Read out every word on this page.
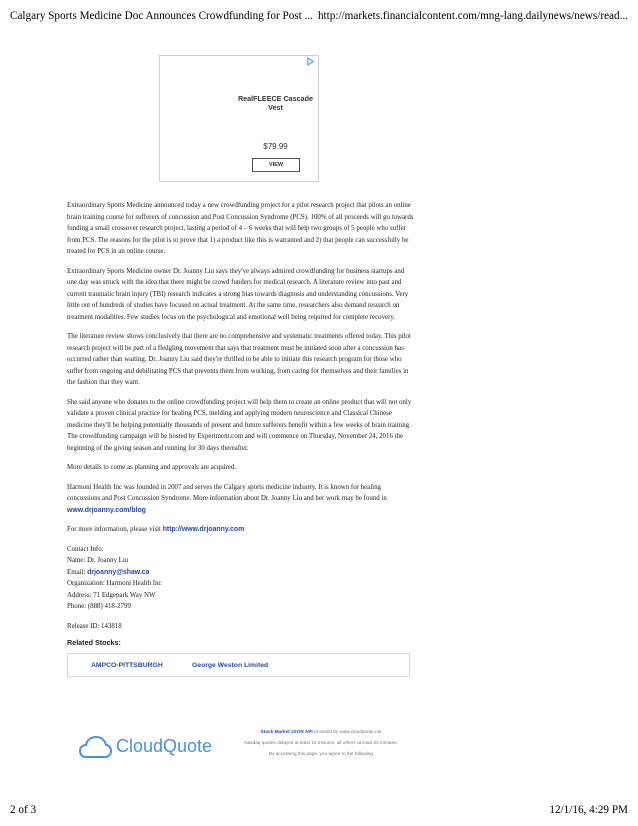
Calgary Sports Medicine Doc Announces Crowdfunding for Post ... http://markets.financialcontent.com/mng-lang.dailynews/news/read...
RealFLEECE Cascade Vest
$79.99
VIEW

Extraordinary Sports Medicine announced today a new crowdfunding project for a pilot research project that pilots an online brain training course for sufferers of concussion and Post Concussion Syndrome (PCS). 100% of all proceeds will go towards funding a small crossover research project, lasting a period of 4 – 6 weeks that will help two groups of 5 people who suffer from PCS. The reasons for the pilot is to prove that 1) a product like this is warranted and 2) that people can successfully be treated for PCS in an online course.

Extraordinary Sports Medicine owner Dr. Joanny Liu says they've always admired crowdfunding for business startups and one day was struck with the idea that there might be crowd funders for medical research. A literature review into past and current traumatic brain injury (TBI) research indicates a strong bias towards diagnosis and understanding concussions. Very little out of hundreds of studies have focused on actual treatment. At the same time, researchers also demand research on treatment modalities. Few studies focus on the psychological and emotional well being required for complete recovery.

The literature review shows conclusively that there are no comprehensive and systematic treatments offered today. This pilot research project will be part of a fledgling movement that says that treatment must be initiated soon after a concussion has occurred rather than waiting. Dr. Joanny Liu said they're thrilled to be able to initiate this research program for those who suffer from ongoing and debilitating PCS that prevents them from working, from caring for themselves and their families in the fashion that they want.

She said anyone who donates to the online crowdfunding project will help them to create an online product that will not only validate a proven clinical practice for healing PCS, melding and applying modern neuroscience and Classical Chinese medicine they'll be helping potentially thousands of present and future sufferers benefit within a few weeks of brain training. The crowdfunding campaign will be hosted by Experiment.com and will commence on Thursday, November 24, 2016 the beginning of the giving season and running for 30 days thereafter.

More details to come as planning and approvals are acquired.

Harmoni Health Inc was founded in 2007 and serves the Calgary sports medicine industry. It is known for healing concussions and Post Concussion Syndrome. More information about Dr. Joanny Liu and her work may be found in www.drjoanny.com/blog

For more information, please visit http://www.drjoanny.com

Contact Info:
Name: Dr. Joanny Liu
Email: drjoanny@shaw.ca
Organization: Harmoni Health Inc
Address: 71 Edgepark Way NW
Phone: (888) 418-2799

Release ID: 143818

Related Stocks:
AMPCO-PITTSBURGH	George Weston Limited
CloudQuote
Stock Market JSON API provided by www.cloudquote.net
Nasdaq quotes delayed at least 15 minutes, all others at least 20 minutes.
By accessing this page, you agree to the following
2 of 3	12/1/16, 4:29 PM
